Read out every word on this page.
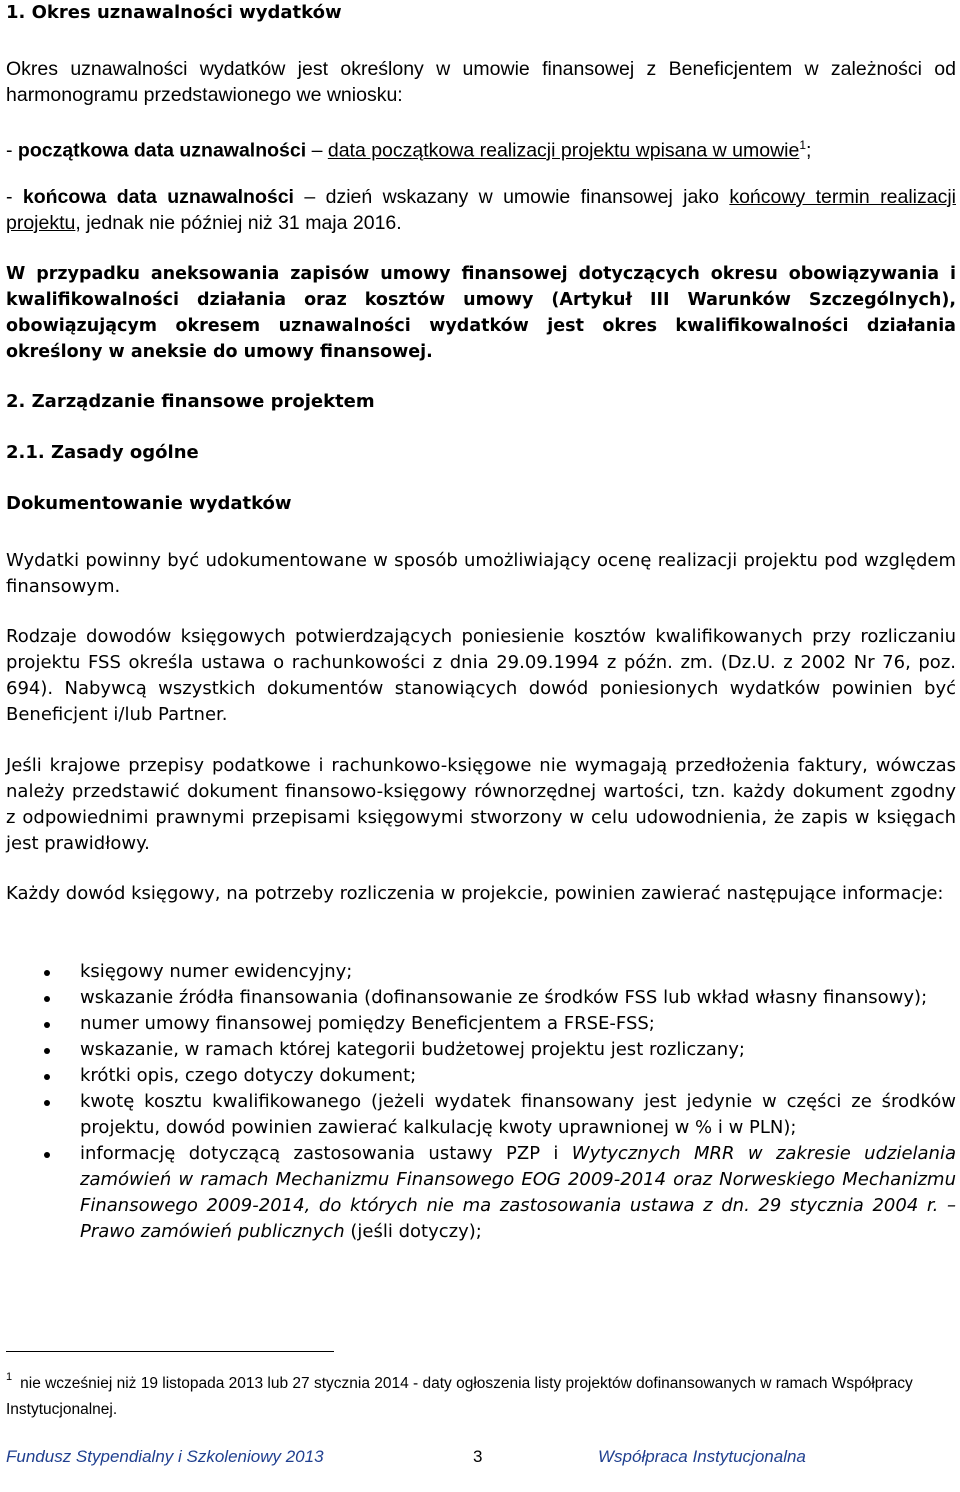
1. Okres uznawalności wydatków
Okres uznawalności wydatków jest określony w umowie finansowej z Beneficjentem w zależności od harmonogramu przedstawionego we wniosku:
- początkowa data uznawalności – data początkowa realizacji projektu wpisana w umowie$^1$;
- końcowa data uznawalności – dzień wskazany w umowie finansowej jako końcowy termin realizacji projektu, jednak nie później niż 31 maja 2016.
W przypadku aneksowania zapisów umowy finansowej dotyczących okresu obowiązywania i kwalifikowalności działania oraz kosztów umowy (Artykuł III Warunków Szczególnych), obowiązującym okresem uznawalności wydatków jest okres kwalifikowalności działania określony w aneksie do umowy finansowej.
2. Zarządzanie finansowe projektem
2.1. Zasady ogólne
Dokumentowanie wydatków
Wydatki powinny być udokumentowane w sposób umożliwiający ocenę realizacji projektu pod względem finansowym.
Rodzaje dowodów księgowych potwierdzających poniesienie kosztów kwalifikowanych przy rozliczaniu projektu FSS określa ustawa o rachunkowości z dnia 29.09.1994 z późn. zm. (Dz.U. z 2002 Nr 76, poz. 694). Nabywcą wszystkich dokumentów stanowiących dowód poniesionych wydatków powinien być Beneficjent i/lub Partner.
Jeśli krajowe przepisy podatkowe i rachunkowo-księgowe nie wymagają przedłożenia faktury, wówczas należy przedstawić dokument finansowo-księgowy równorzędnej wartości, tzn. każdy dokument zgodny z odpowiednimi prawnymi przepisami księgowymi stworzony w celu udowodnienia, że zapis w księgach jest prawidłowy.
Każdy dowód księgowy, na potrzeby rozliczenia w projekcie, powinien zawierać następujące informacje:
księgowy numer ewidencyjny;
wskazanie źródła finansowania (dofinansowanie ze środków FSS lub wkład własny finansowy);
numer umowy finansowej pomiędzy Beneficjentem a FRSE-FSS;
wskazanie, w ramach której kategorii budżetowej projektu jest rozliczany;
krótki opis, czego dotyczy dokument;
kwotę kosztu kwalifikowanego (jeżeli wydatek finansowany jest jedynie w części ze środków projektu, dowód powinien zawierać kalkulację kwoty uprawnionej w % i w PLN);
informację dotyczącą zastosowania ustawy PZP i Wytycznych MRR w zakresie udzielania zamówień w ramach Mechanizmu Finansowego EOG 2009-2014 oraz Norweskiego Mechanizmu Finansowego 2009-2014, do których nie ma zastosowania ustawa z dn. 29 stycznia 2004 r. – Prawo zamówień publicznych (jeśli dotyczy);
$^1$ nie wcześniej niż 19 listopada 2013 lub 27 stycznia 2014 - daty ogłoszenia listy projektów dofinansowanych w ramach Współpracy Instytucjonalnej.
Fundusz Stypendialny i Szkoleniowy 2013	3	Współpraca Instytucjonalna
